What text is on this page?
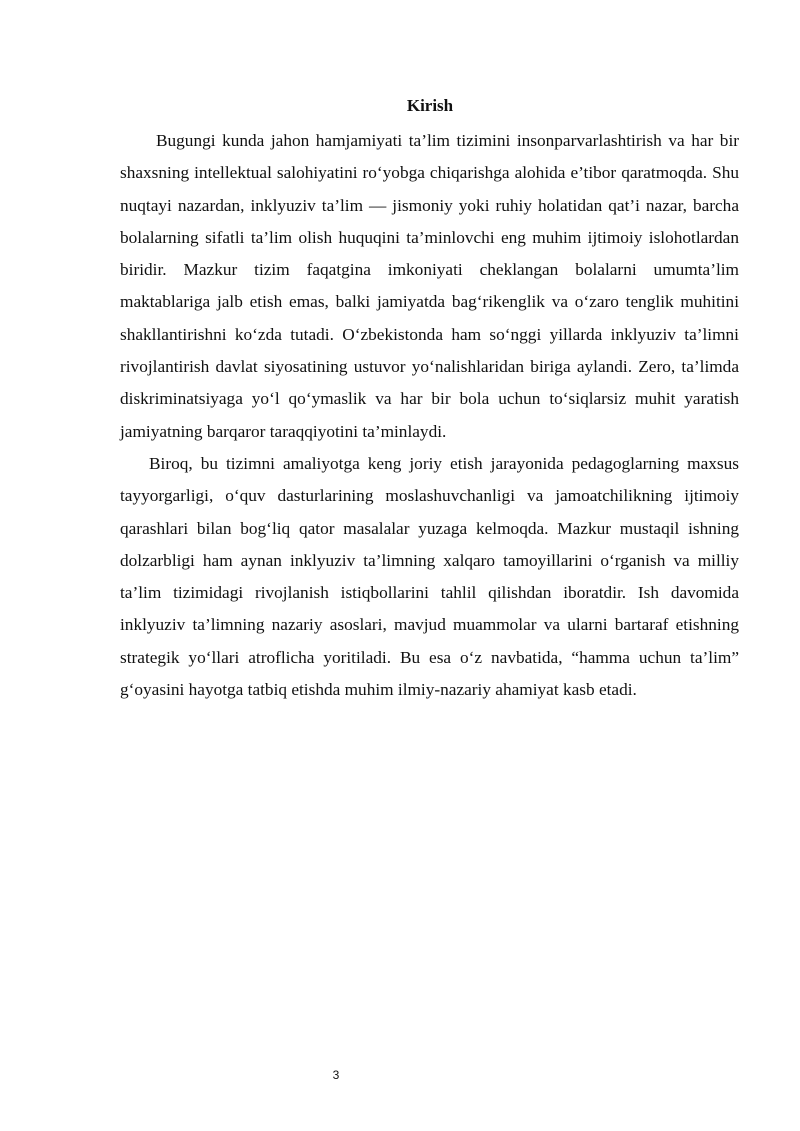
Kirish

Bugungi kunda jahon hamjamiyati ta’lim tizimini insonparvarlashtirish va har bir shaxsning intellektual salohiyatini ro‘yobga chiqarishga alohida e’tibor qaratmoqda. Shu nuqtayi nazardan, inklyuziv ta’lim — jismoniy yoki ruhiy holatidan qat’i nazar, barcha bolalarning sifatli ta’lim olish huquqini ta’minlovchi eng muhim ijtimoiy islohotlardan biridir. Mazkur tizim faqatgina imkoniyati cheklangan bolalarni umumta’lim maktablariga jalb etish emas, balki jamiyatda bag‘rikenglik va o‘zaro tenglik muhitini shakllantirishni ko‘zda tutadi. O‘zbekistonda ham so‘nggi yillarda inklyuziv ta’limni rivojlantirish davlat siyosatining ustuvor yo‘nalishlaridan biriga aylandi. Zero, ta’limda diskriminatsiyaga yo‘l qo‘ymaslik va har bir bola uchun to‘siqlarsiz muhit yaratish jamiyatning barqaror taraqqiyotini ta’minlaydi.

Biroq, bu tizimni amaliyotga keng joriy etish jarayonida pedagoglarning maxsus tayyorgarligi, o‘quv dasturlarining moslashuvchanligi va jamoatchilikning ijtimoiy qarashlari bilan bog‘liq qator masalalar yuzaga kelmoqda. Mazkur mustaqil ishning dolzarbligi ham aynan inklyuziv ta’limning xalqaro tamoyillarini o‘rganish va milliy ta’lim tizimidagi rivojlanish istiqbollarini tahlil qilishdan iboratdir. Ish davomida inklyuziv ta’limning nazariy asoslari, mavjud muammolar va ularni bartaraf etishning strategik yo‘llari atroflicha yoritiladi. Bu esa o‘z navbatida, “hamma uchun ta’lim” g‘oyasini hayotga tatbiq etishda muhim ilmiy-nazariy ahamiyat kasb etadi.

3
